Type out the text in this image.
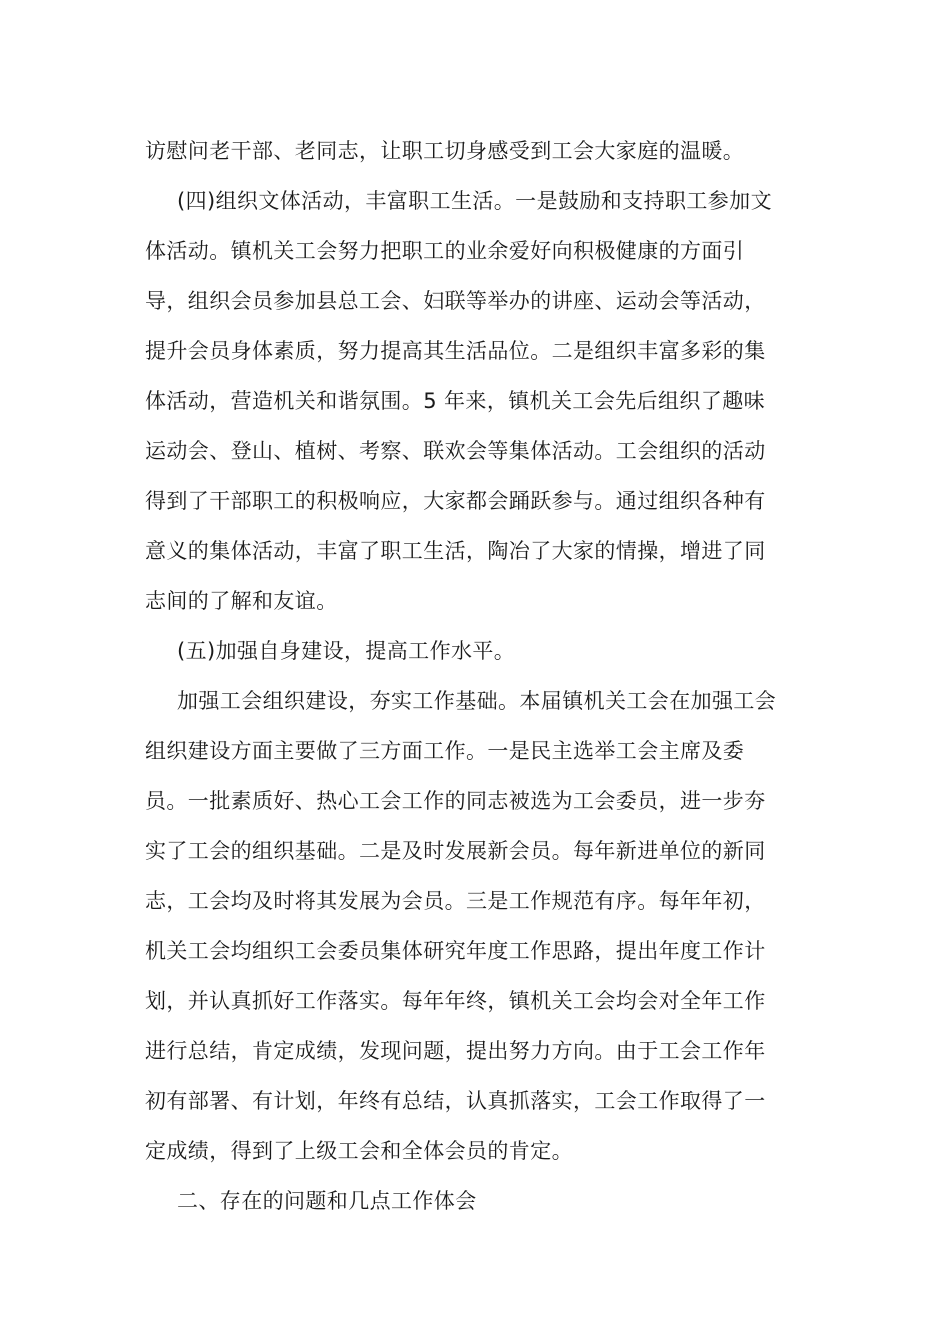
访慰问老干部、老同志，让职工切身感受到工会大家庭的温暖。

(四)组织文体活动，丰富职工生活。一是鼓励和支持职工参加文

体活动。镇机关工会努力把职工的业余爱好向积极健康的方面引

导，组织会员参加县总工会、妇联等举办的讲座、运动会等活动，

提升会员身体素质，努力提高其生活品位。二是组织丰富多彩的集

体活动，营造机关和谐氛围。5 年来，镇机关工会先后组织了趣味

运动会、登山、植树、考察、联欢会等集体活动。工会组织的活动

得到了干部职工的积极响应，大家都会踊跃参与。通过组织各种有

意义的集体活动，丰富了职工生活，陶冶了大家的情操，增进了同

志间的了解和友谊。

(五)加强自身建设，提高工作水平。

加强工会组织建设，夯实工作基础。本届镇机关工会在加强工会

组织建设方面主要做了三方面工作。一是民主选举工会主席及委

员。一批素质好、热心工会工作的同志被选为工会委员，进一步夯

实了工会的组织基础。二是及时发展新会员。每年新进单位的新同

志，工会均及时将其发展为会员。三是工作规范有序。每年年初，

机关工会均组织工会委员集体研究年度工作思路，提出年度工作计

划，并认真抓好工作落实。每年年终，镇机关工会均会对全年工作

进行总结，肯定成绩，发现问题，提出努力方向。由于工会工作年

初有部署、有计划，年终有总结，认真抓落实，工会工作取得了一

定成绩，得到了上级工会和全体会员的肯定。

二、存在的问题和几点工作体会
